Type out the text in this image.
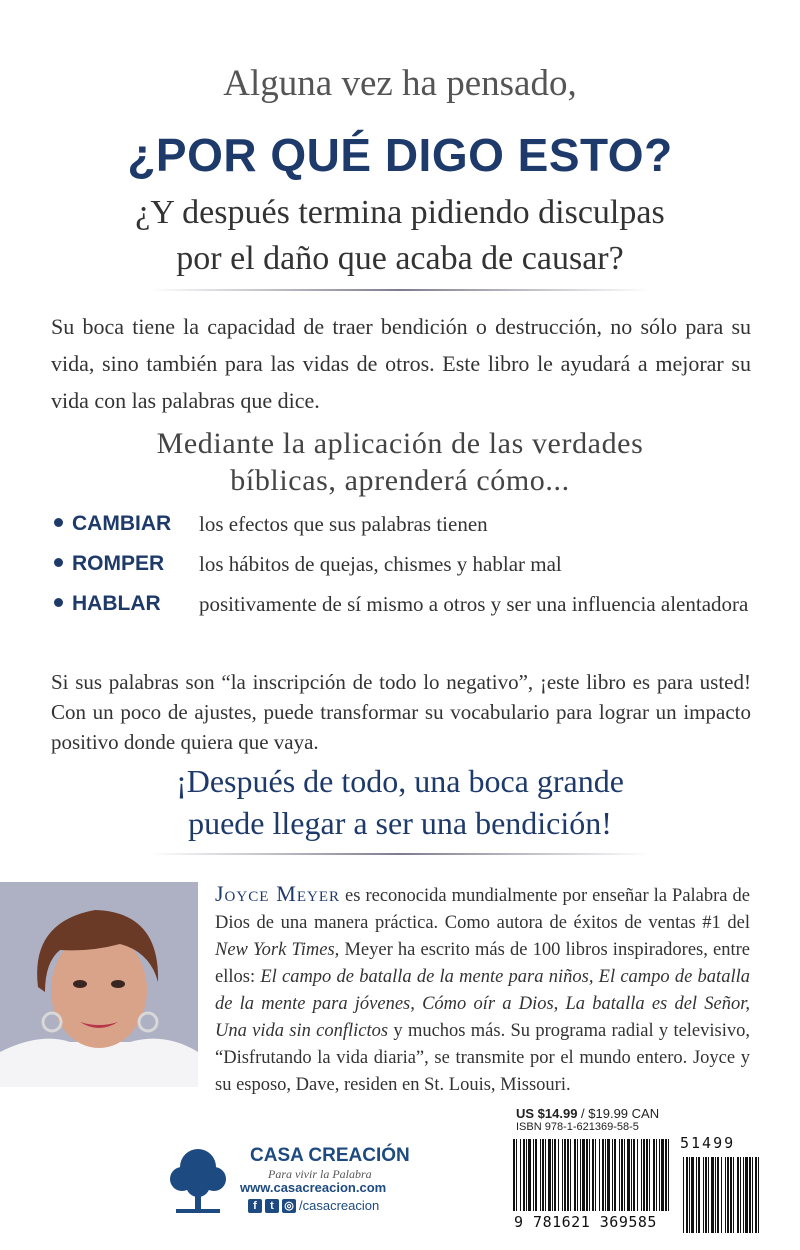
Alguna vez ha pensado,
¿POR QUÉ DIGO ESTO?
¿Y después termina pidiendo disculpas
por el daño que acaba de causar?
Su boca tiene la capacidad de traer bendición o destrucción, no sólo para su vida, sino también para las vidas de otros. Este libro le ayudará a mejorar su vida con las palabras que dice.
Mediante la aplicación de las verdades
bíblicas, aprenderá cómo...
CAMBIAR	los efectos que sus palabras tienen
ROMPER	los hábitos de quejas, chismes y hablar mal
HABLAR	positivamente de sí mismo a otros y ser una influencia alentadora
Si sus palabras son “la inscripción de todo lo negativo”, ¡este libro es para usted! Con un poco de ajustes, puede transformar su vocabulario para lograr un impacto positivo donde quiera que vaya.
¡Después de todo, una boca grande
puede llegar a ser una bendición!
Joyce Meyer es reconocida mundialmente por enseñar la Palabra de Dios de una manera práctica. Como autora de éxitos de ventas #1 del New York Times, Meyer ha escrito más de 100 libros inspiradores, entre ellos: El campo de batalla de la mente para niños, El campo de batalla de la mente para jóvenes, Cómo oír a Dios, La batalla es del Señor, Una vida sin conflictos y muchos más. Su programa radial y televisivo, “Disfrutando la vida diaria”, se transmite por el mundo entero. Joyce y su esposo, Dave, residen en St. Louis, Missouri.
CASA CREACIÓN
Para vivir la Palabra
www.casacreacion.com
f	t ◎ /casacreacion
US $14.99 / $19.99 CAN
ISBN 978-1-621369-58-5
51499
9 781621 369585
